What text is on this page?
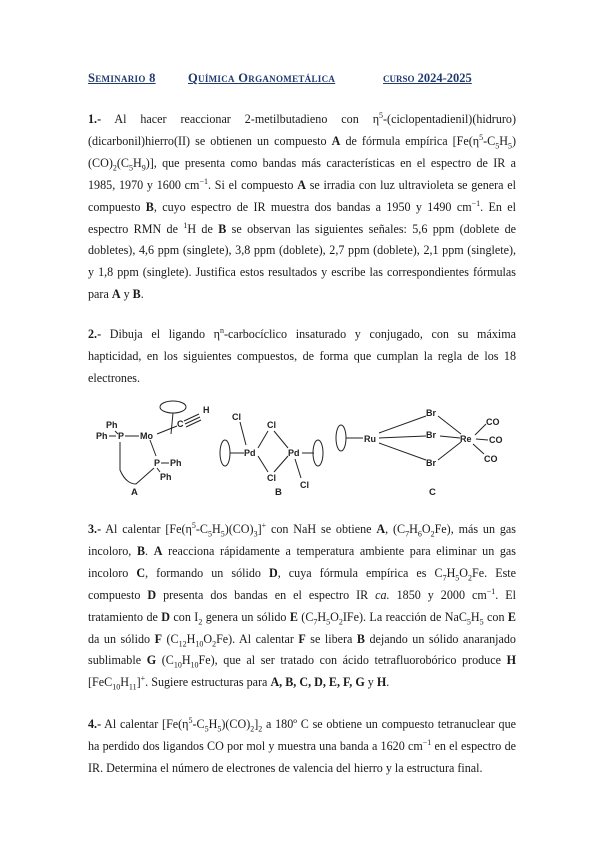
Seminario 8	Química Organometálica	curso 2024-2025

1.- Al hacer reaccionar 2-metilbutadieno con $\eta^5-(ciclopentadienil)(hidruro)(dicarbonil)hierro(II)$ se obtienen un compuesto A de fórmula empírica $[Fe(\eta^5-C_5H_5)(CO)_2(C_5H_9)]$, que presenta como bandas más características en el espectro de IR a 1985, 1970 y 1600 $cm^{-1}$. Si el compuesto A se irradia con luz ultravioleta se genera el compuesto B, cuyo espectro de IR muestra dos bandas a 1950 y 1490 $cm^{-1}$. En el espectro RMN de $^1$H de B se observan las siguientes señales: 5,6 ppm (doblete de dobletes), 4,6 ppm (singlete), 3,8 ppm (doblete), 2,7 ppm (doblete), 2,1 ppm (singlete), y 1,8 ppm (singlete). Justifica estos resultados y escribe las correspondientes fórmulas para A y B.

2.- Dibuja el ligando $\eta^n$-carbocíclico insaturado y conjugado, con su máxima hapticidad, en los siguientes compuestos, de forma que cumplan la regla de los 18 electrones.

Ph
Ph P Mo
C
H
P Ph
Ph
A
Cl
Pd
Cl
Cl
Pd
Cl
B
Ru
Br
Br
Br
Re
CO
CO
CO
C

3.- Al calentar $[Fe(\eta^5-C_5H_5)(CO)_3]^+$ con NaH se obtiene A, $(C_7H_6O_2Fe)$, más un gas incoloro, B. A reacciona rápidamente a temperatura ambiente para eliminar un gas incoloro C, formando un sólido D, cuya fórmula empírica es $C_7H_5O_2Fe$. Este compuesto D presenta dos bandas en el espectro IR ca. 1850 y 2000 $cm^{-1}$. El tratamiento de D con $I_2$ genera un sólido E $(C_7H_5O_2IFe)$. La reacción de $NaC_5H_5$ con E da un sólido F $(C_{12}H_{10}O_2Fe)$. Al calentar F se libera B dejando un sólido anaranjado sublimable G $(C_{10}H_{10}Fe)$, que al ser tratado con ácido tetrafluorobórico produce H $[FeC_{10}H_{11}]^+$. Sugiere estructuras para A, B, C, D, E, F, G y H.

4.- Al calentar $[Fe(\eta^5-C_5H_5)(CO)_2]_2$ a 180º C se obtiene un compuesto tetranuclear que ha perdido dos ligandos CO por mol y muestra una banda a 1620 $cm^{-1}$ en el espectro de IR. Determina el número de electrones de valencia del hierro y la estructura final.
